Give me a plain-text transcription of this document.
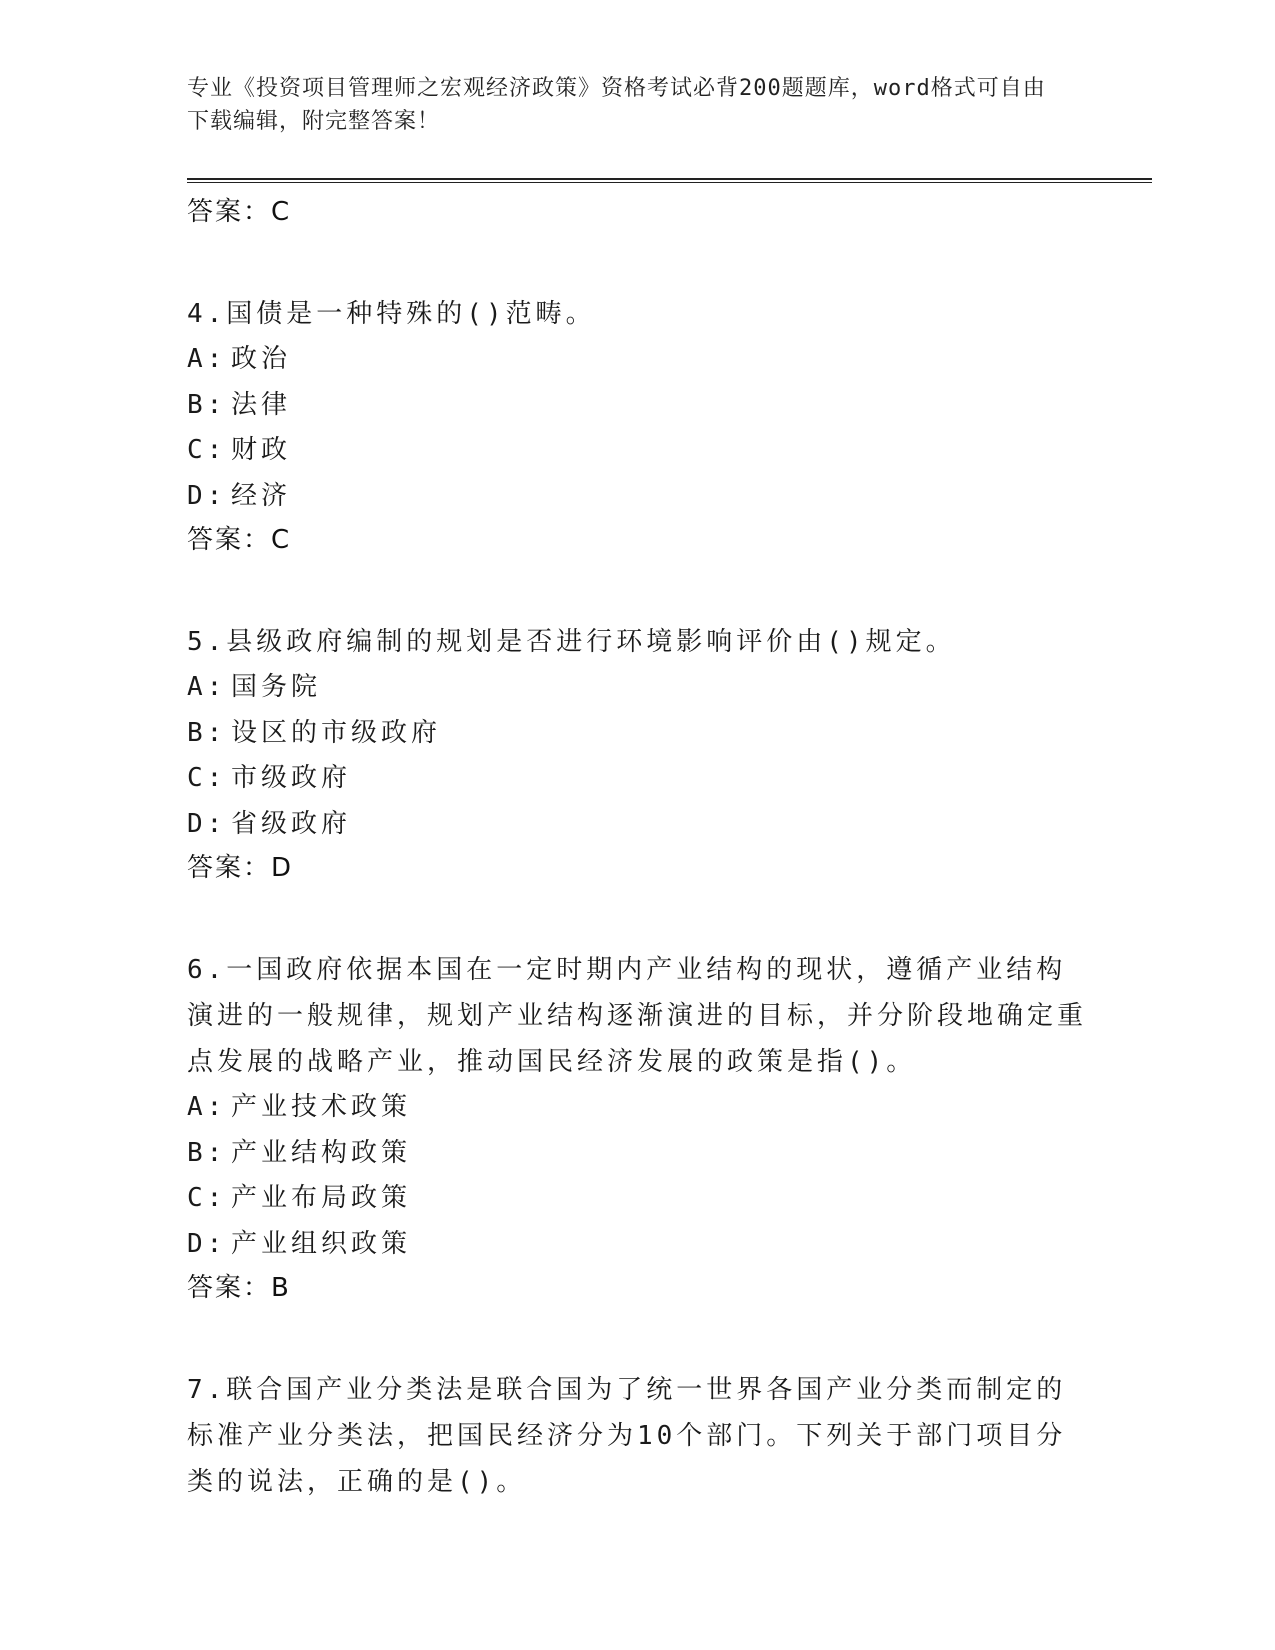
专业《投资项目管理师之宏观经济政策》资格考试必背200题题库，word格式可自由下载编辑，附完整答案！
答案：C
4.国债是一种特殊的()范畴。
A: 政治
B: 法律
C: 财政
D: 经济
答案：C
5.县级政府编制的规划是否进行环境影响评价由()规定。
A: 国务院
B: 设区的市级政府
C: 市级政府
D: 省级政府
答案：D
6.一国政府依据本国在一定时期内产业结构的现状，遵循产业结构演进的一般规律，规划产业结构逐渐演进的目标，并分阶段地确定重点发展的战略产业，推动国民经济发展的政策是指()。
A: 产业技术政策
B: 产业结构政策
C: 产业布局政策
D: 产业组织政策
答案：B
7.联合国产业分类法是联合国为了统一世界各国产业分类而制定的标准产业分类法，把国民经济分为10个部门。下列关于部门项目分类的说法，正确的是()。
